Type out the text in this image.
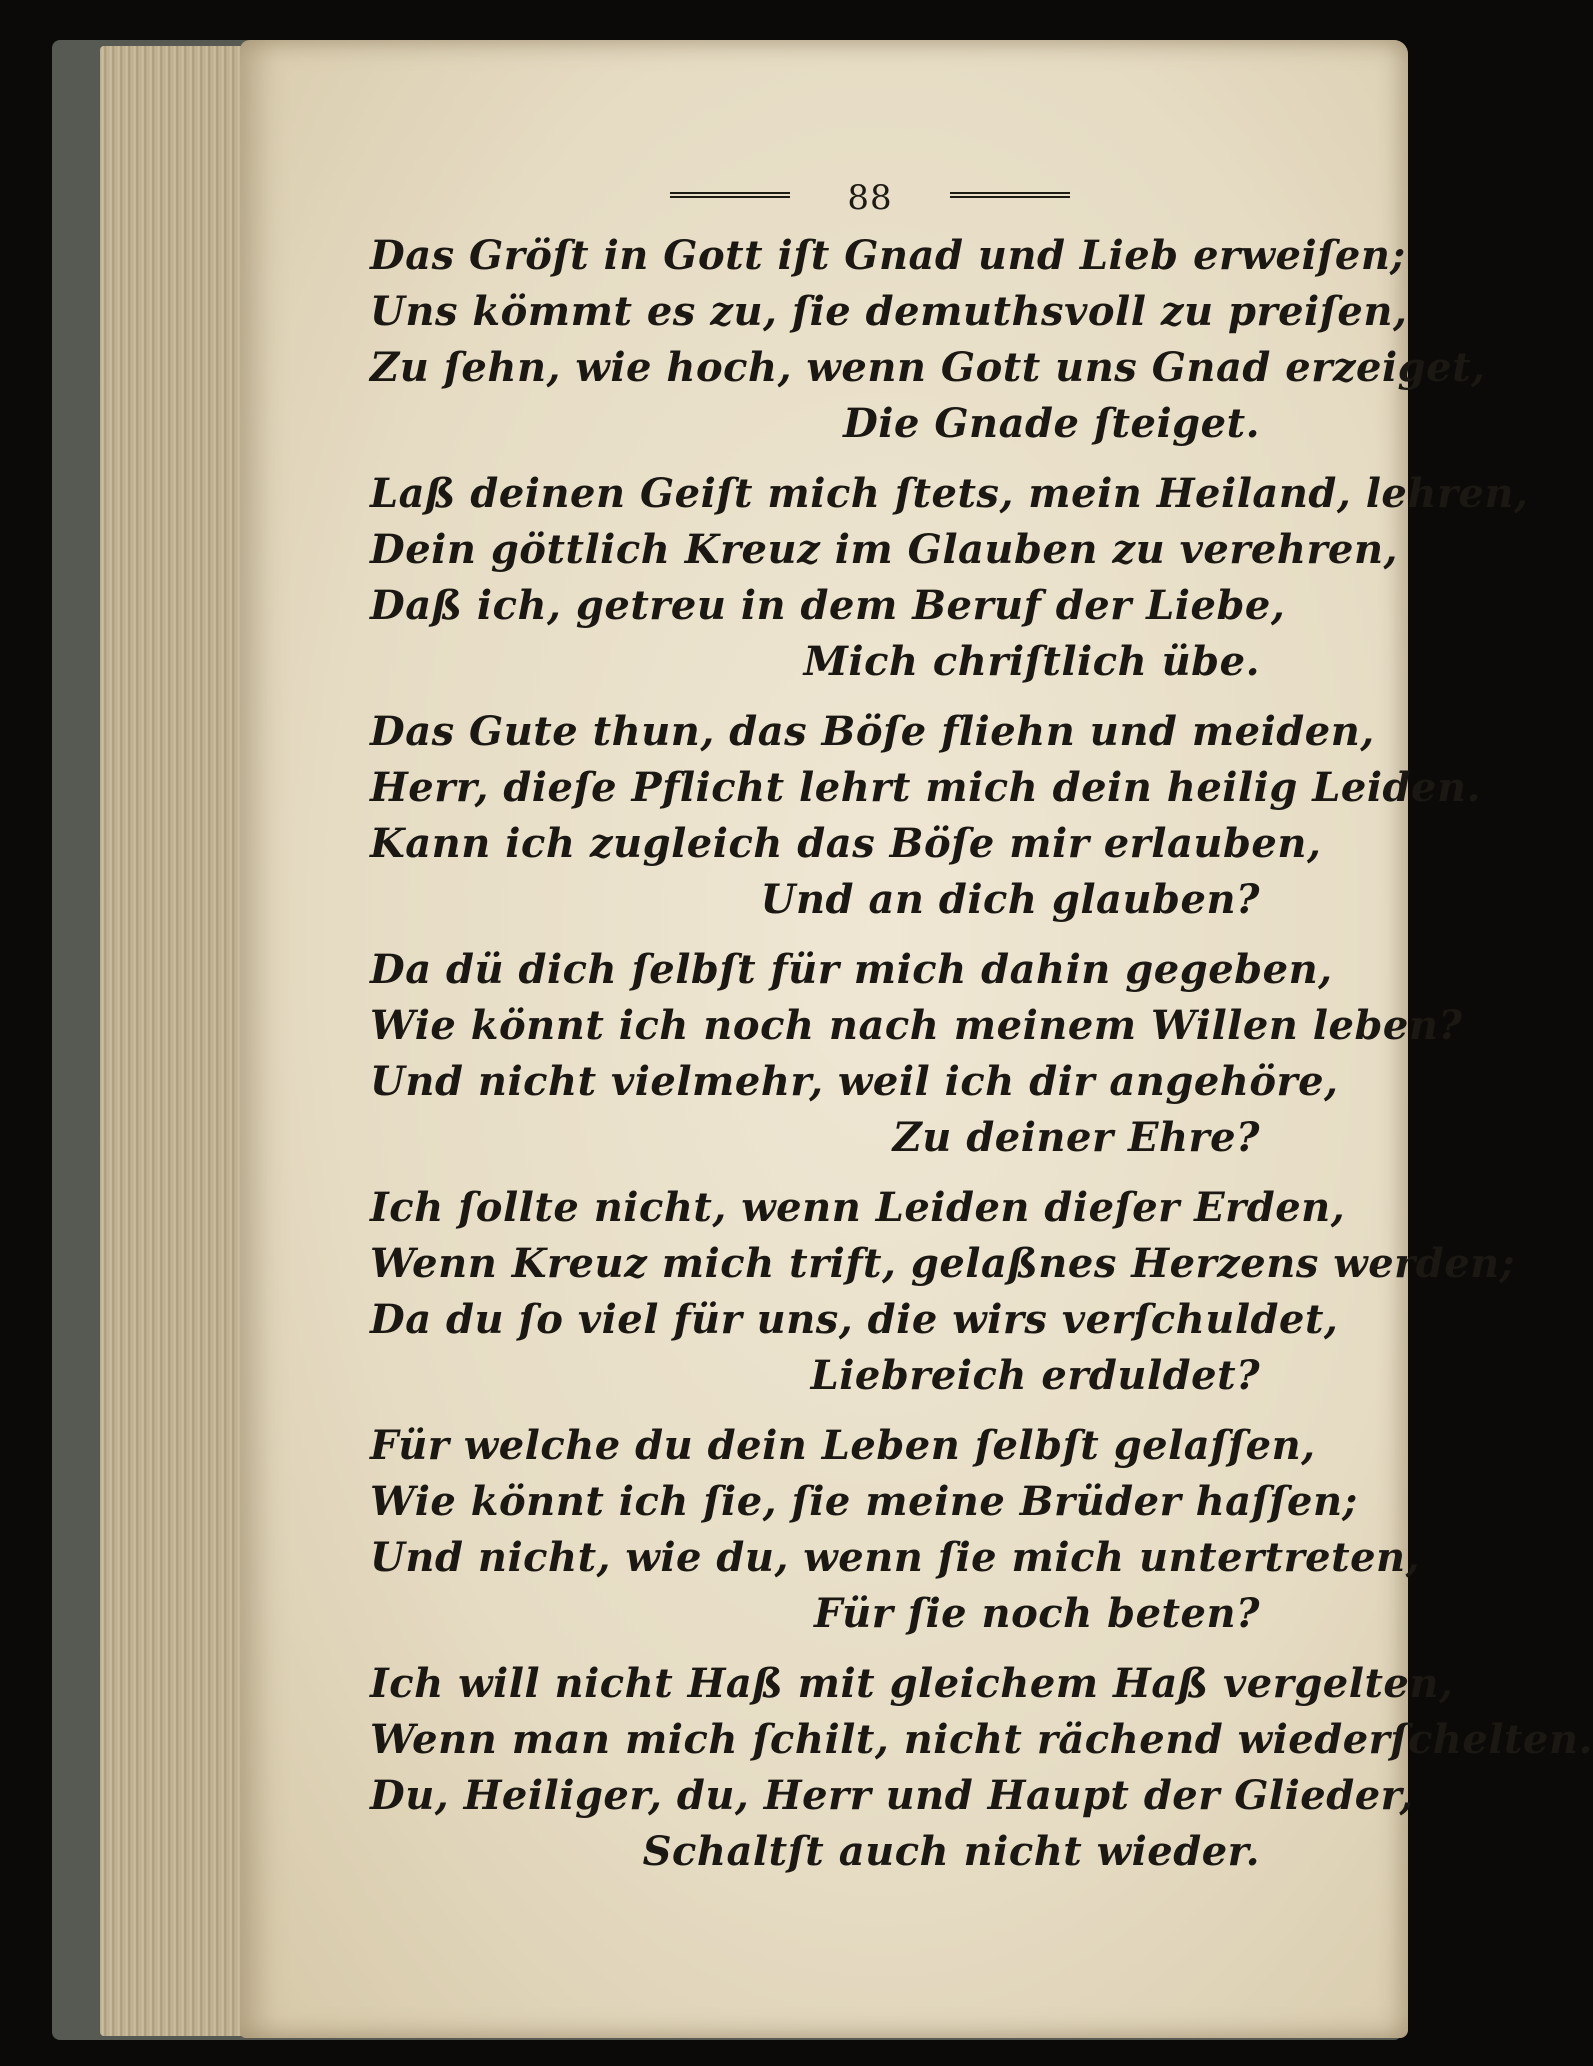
88
Das Gröſt in Gott iſt Gnad und Lieb erweiſen;
Uns kömmt es zu, ſie demuthsvoll zu preiſen,
Zu ſehn, wie hoch, wenn Gott uns Gnad erzeiget,
Die Gnade ſteiget.
Laß deinen Geiſt mich ſtets, mein Heiland, lehren,
Dein göttlich Kreuz im Glauben zu verehren,
Daß ich, getreu in dem Beruf der Liebe,
Mich chriſtlich übe.
Das Gute thun, das Böſe fliehn und meiden,
Herr, dieſe Pflicht lehrt mich dein heilig Leiden.
Kann ich zugleich das Böſe mir erlauben,
Und an dich glauben?
Da dü dich ſelbſt für mich dahin gegeben,
Wie könnt ich noch nach meinem Willen leben?
Und nicht vielmehr, weil ich dir angehöre,
Zu deiner Ehre?
Ich ſollte nicht, wenn Leiden dieſer Erden,
Wenn Kreuz mich trift, gelaßnes Herzens werden;
Da du ſo viel für uns, die wirs verſchuldet,
Liebreich erduldet?
Für welche du dein Leben ſelbſt gelaſſen,
Wie könnt ich ſie, ſie meine Brüder haſſen;
Und nicht, wie du, wenn ſie mich untertreten,
Für ſie noch beten?
Ich will nicht Haß mit gleichem Haß vergelten,
Wenn man mich ſchilt, nicht rächend wiederſchelten.
Du, Heiliger, du, Herr und Haupt der Glieder,
Schaltſt auch nicht wieder.
